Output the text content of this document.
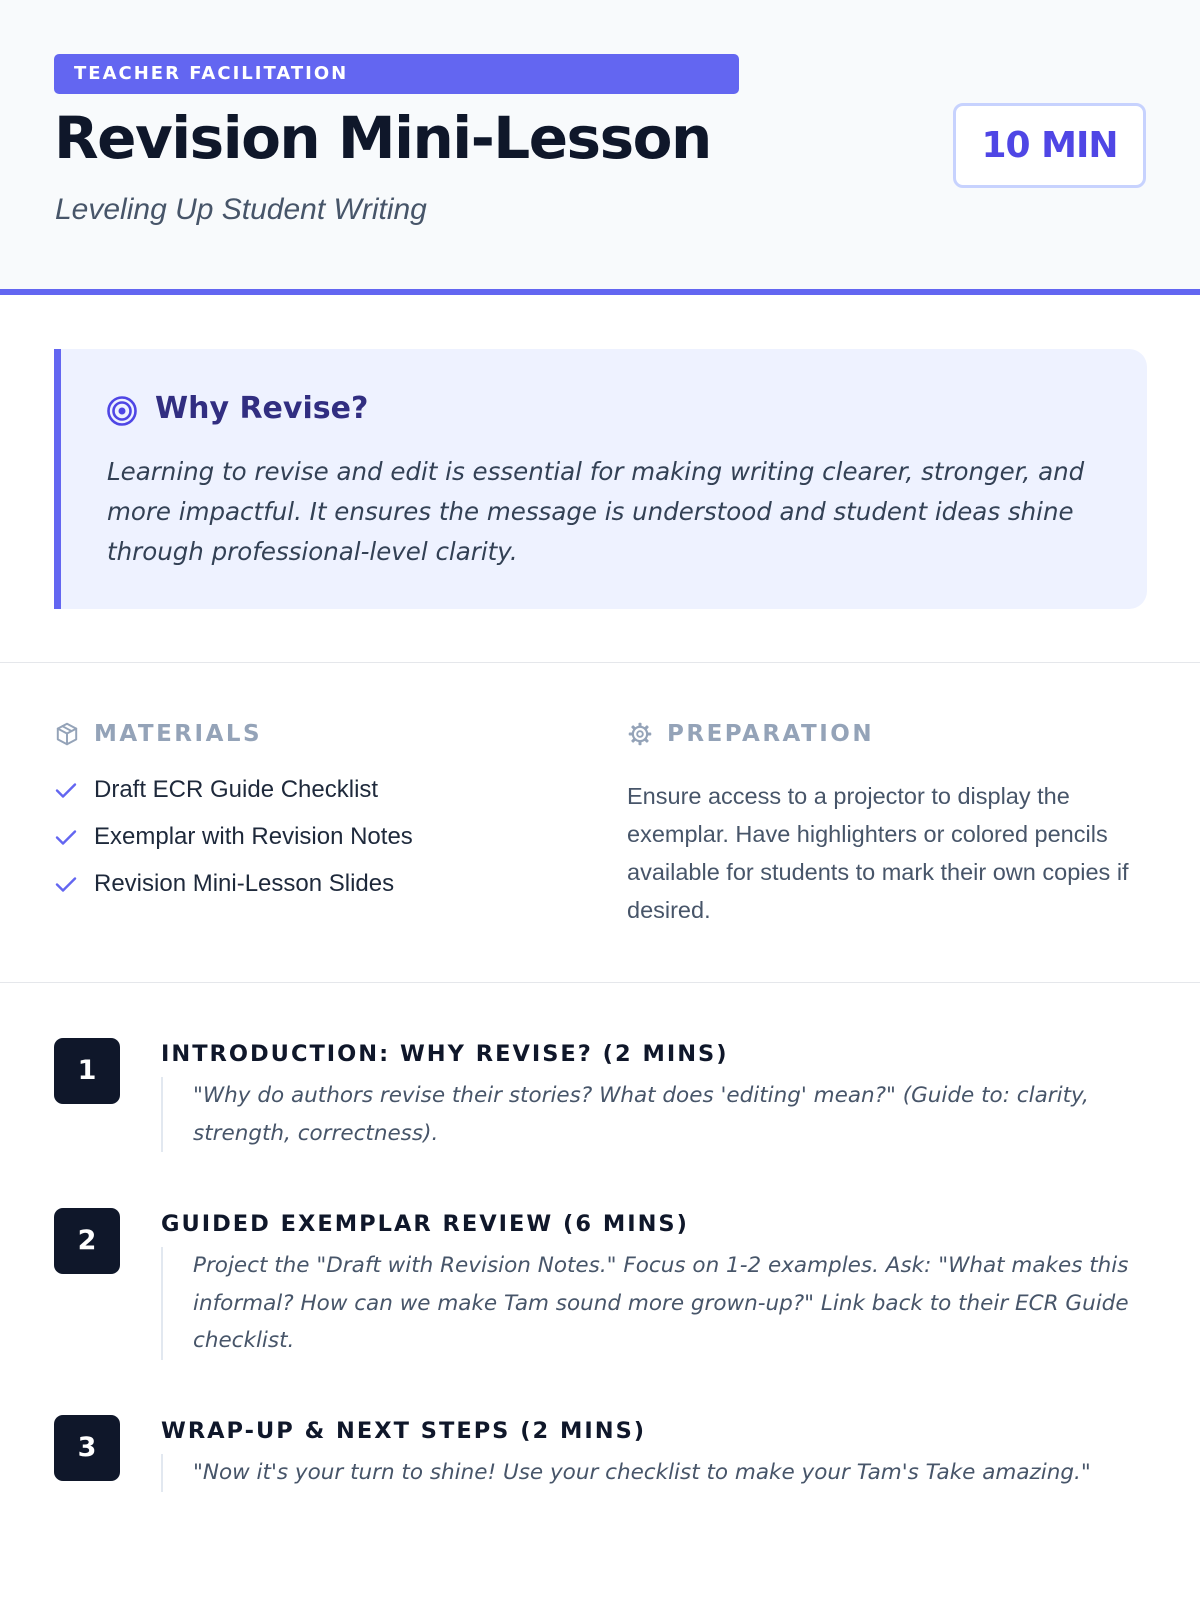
TEACHER FACILITATION
Revision Mini-Lesson
Leveling Up Student Writing
10 MIN
Why Revise?

Learning to revise and edit is essential for making writing clearer, stronger, and more impactful. It ensures the message is understood and student ideas shine through professional-level clarity.

MATERIALS
Draft ECR Guide Checklist
Exemplar with Revision Notes
Revision Mini-Lesson Slides
PREPARATION

Ensure access to a projector to display the exemplar. Have highlighters or colored pencils available for students to mark their own copies if desired.

1
INTRODUCTION: WHY REVISE? (2 MINS)

"Why do authors revise their stories? What does 'editing' mean?" (Guide to: clarity, strength, correctness).

2
GUIDED EXEMPLAR REVIEW (6 MINS)

Project the "Draft with Revision Notes." Focus on 1-2 examples. Ask: "What makes this informal? How can we make Tam sound more grown-up?" Link back to their ECR Guide checklist.

3
WRAP-UP & NEXT STEPS (2 MINS)

"Now it's your turn to shine! Use your checklist to make your Tam's Take amazing."
